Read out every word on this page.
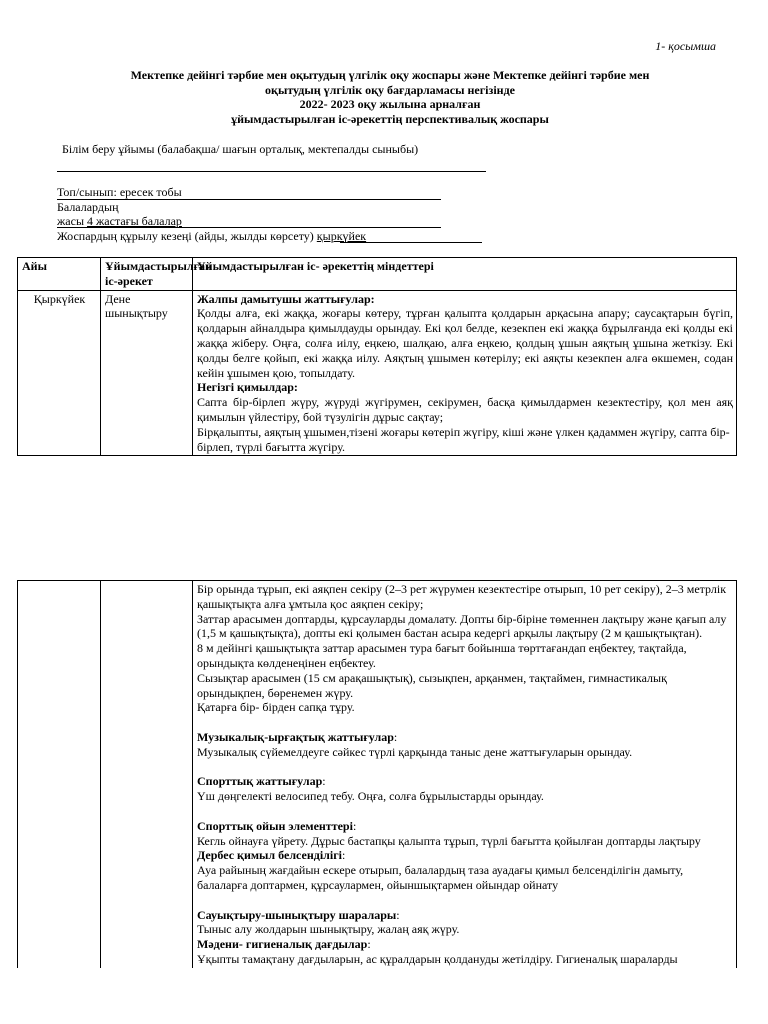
1- қосымша
Мектепке дейінгі тәрбие мен оқытудың үлгілік оқу жоспары және Мектепке дейінгі тәрбие мен
оқытудың үлгілік оқу бағдарламасы негізінде
2022- 2023 оқу жылына арналған
ұйымдастырылған іс-әрекеттің перспективалық жоспары
Білім беру ұйымы (балабақша/ шағын орталық, мектепалды сыныбы)
Топ/сынып: ересек тобы
Балалардың
жасы 4 жастағы балалар
Жоспардың құрылу кезеңі (айды, жылды көрсету) қыркүйек
Айы	Ұйымдастырылған іс-әрекет	Ұйымдастырылған іс- әрекеттің міндеттері
Қыркүйек	Дене шынықтыру	Жалпы дамытушы жаттығулар:
Қолды алға, екі жаққа, жоғары көтеру, тұрған қалыпта қолдарын арқасына апару; саусақтарын бүгіп, қолдарын айналдыра қимылдауды орындау. Екі қол белде, кезекпен екі жаққа бұрылғанда екі қолды екі жаққа жіберу. Оңға, солға иілу, еңкею, шалқаю, алға еңкею, қолдың ұшын аяқтың ұшына жеткізу. Екі қолды белге қойып, екі жаққа иілу. Аяқтың ұшымен көтерілу; екі аяқты кезекпен алға өкшемен, содан кейін ұшымен қою, топылдату.
Негізгі қимылдар:
Сапта бір-бірлеп жүру, жүруді жүгірумен, секірумен, басқа қимылдармен кезектестіру, қол мен аяқ қимылын үйлестіру, бой түзулігін дұрыс сақтау;
Бірқалыпты, аяқтың ұшымен,тізені жоғары көтеріп жүгіру, кіші және үлкен қадаммен жүгіру, сапта бір-бірлеп, түрлі бағытта жүгіру.

Бір орында тұрып, екі аяқпен секіру (2–3 рет жүрумен кезектестіре отырып, 10 рет секіру), 2–3 метрлік қашықтықта алға ұмтыла қос аяқпен секіру;
Заттар арасымен доптарды, құрсауларды домалату. Допты бір-біріне төменнен лақтыру және қағып алу (1,5 м қашықтықта), допты екі қолымен бастан асыра кедергі арқылы лақтыру (2 м қашықтықтан).
8 м дейінгі қашықтықта заттар арасымен тура бағыт бойынша төрттағандап еңбектеу, тақтайда, орындықта көлденеңінен еңбектеу.
Сызықтар арасымен (15 см арақашықтық), сызықпен, арқанмен, тақтаймен, гимнастикалық орындықпен, бөренемен жүру.
Қатарға бір- бірден сапқа тұру.
Музыкалық-ырғақтық жаттығулар:
Музыкалық сүйемелдеуге сәйкес түрлі қарқында таныс дене жаттығуларын орындау.
Спорттық жаттығулар:
Үш дөңгелекті велосипед тебу. Оңға, солға бұрылыстарды орындау.
Спорттық ойын элементтері:
Кегль ойнауға үйрету. Дұрыс бастапқы қалыпта тұрып, түрлі бағытта қойылған доптарды лақтыру
Дербес қимыл белсенділігі:
Ауа райының жағдайын ескере отырып, балалардың таза ауадағы қимыл белсенділігін дамыту, балаларға доптармен, құрсаулармен, ойыншықтармен ойындар ойнату
Сауықтыру-шынықтыру шаралары:
Тыныс алу жолдарын шынықтыру, жалаң аяқ жүру.
Мәдени- гигиеналық дағдылар:
Ұқыпты тамақтану дағдыларын, ас құралдарын қолдануды жетілдіру. Гигиеналық шараларды
